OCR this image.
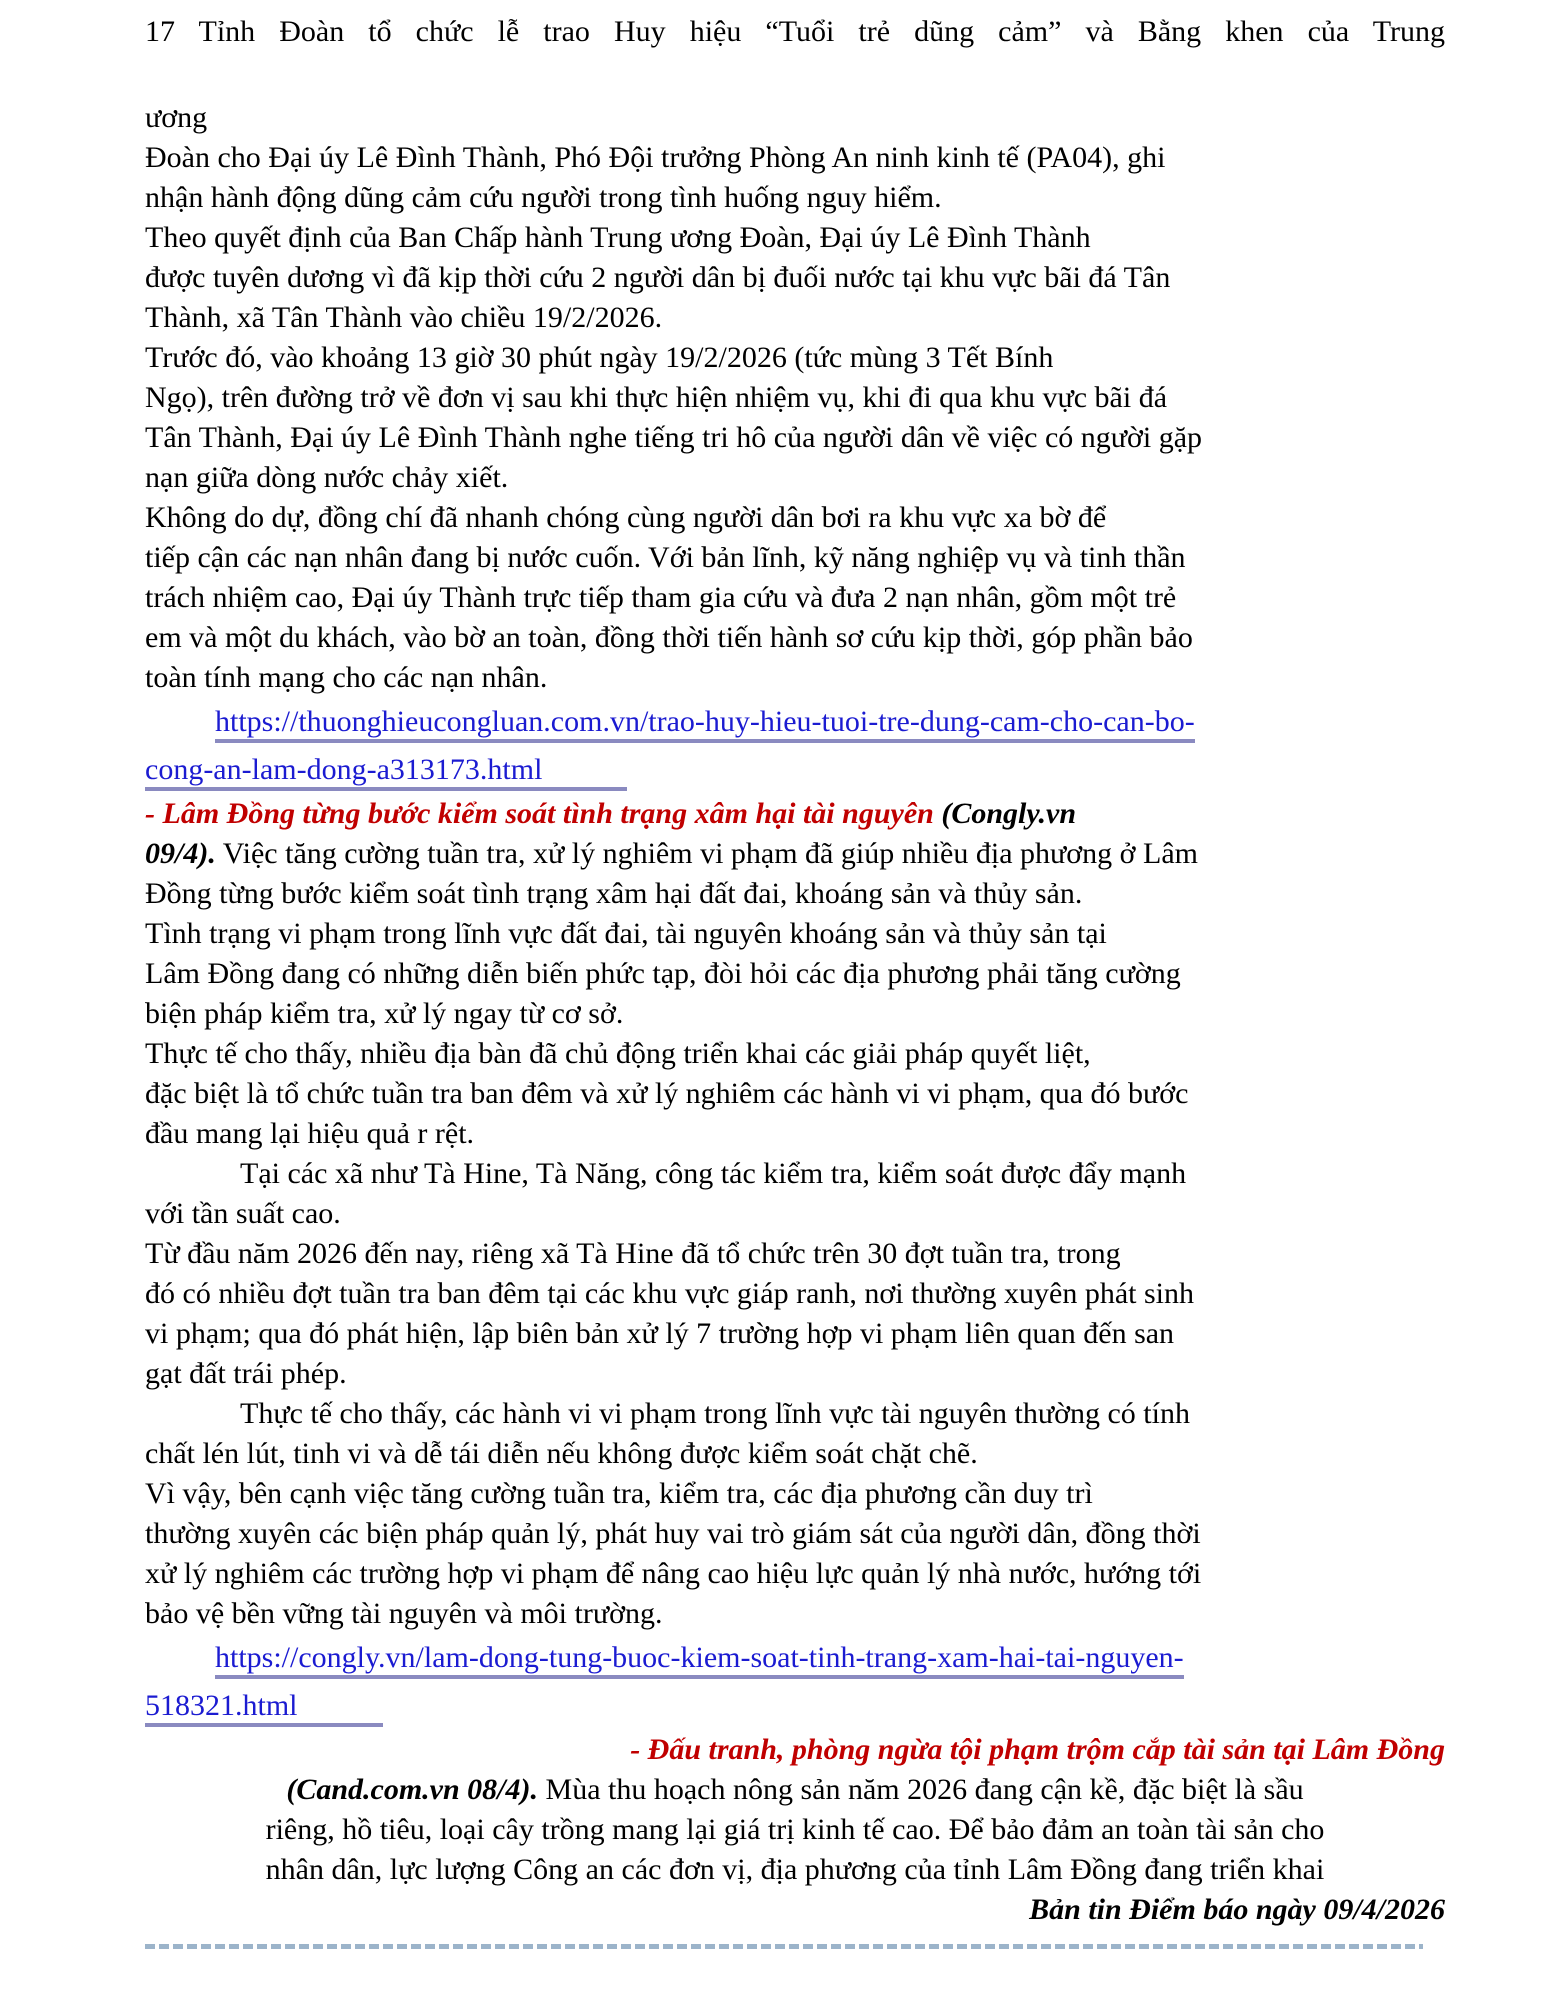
17 Tỉnh Đoàn tổ chức lễ trao Huy hiệu “Tuổi trẻ dũng cảm” và Bằng khen của Trung
ương
Đoàn cho Đại úy Lê Đình Thành, Phó Đội trưởng Phòng An ninh kinh tế (PA04), ghi
nhận hành động dũng cảm cứu người trong tình huống nguy hiểm.
Theo quyết định của Ban Chấp hành Trung ương Đoàn, Đại úy Lê Đình Thành
được tuyên dương vì đã kịp thời cứu 2 người dân bị đuối nước tại khu vực bãi đá Tân
Thành, xã Tân Thành vào chiều 19/2/2026.
Trước đó, vào khoảng 13 giờ 30 phút ngày 19/2/2026 (tức mùng 3 Tết Bính
Ngọ), trên đường trở về đơn vị sau khi thực hiện nhiệm vụ, khi đi qua khu vực bãi đá
Tân Thành, Đại úy Lê Đình Thành nghe tiếng tri hô của người dân về việc có người gặp
nạn giữa dòng nước chảy xiết.
Không do dự, đồng chí đã nhanh chóng cùng người dân bơi ra khu vực xa bờ để
tiếp cận các nạn nhân đang bị nước cuốn. Với bản lĩnh, kỹ năng nghiệp vụ và tinh thần
trách nhiệm cao, Đại úy Thành trực tiếp tham gia cứu và đưa 2 nạn nhân, gồm một trẻ
em và một du khách, vào bờ an toàn, đồng thời tiến hành sơ cứu kịp thời, góp phần bảo
toàn tính mạng cho các nạn nhân.
https://thuonghieucongluan.com.vn/trao-huy-hieu-tuoi-tre-dung-cam-cho-can-bo-
cong-an-lam-dong-a313173.html
- Lâm Đồng từng bước kiểm soát tình trạng xâm hại tài nguyên (Congly.vn
09/4). Việc tăng cường tuần tra, xử lý nghiêm vi phạm đã giúp nhiều địa phương ở Lâm
Đồng từng bước kiểm soát tình trạng xâm hại đất đai, khoáng sản và thủy sản.
Tình trạng vi phạm trong lĩnh vực đất đai, tài nguyên khoáng sản và thủy sản tại
Lâm Đồng đang có những diễn biến phức tạp, đòi hỏi các địa phương phải tăng cường
biện pháp kiểm tra, xử lý ngay từ cơ sở.
Thực tế cho thấy, nhiều địa bàn đã chủ động triển khai các giải pháp quyết liệt,
đặc biệt là tổ chức tuần tra ban đêm và xử lý nghiêm các hành vi vi phạm, qua đó bước
đầu mang lại hiệu quả r rệt.
Tại các xã như Tà Hine, Tà Năng, công tác kiểm tra, kiểm soát được đẩy mạnh
với tần suất cao.
Từ đầu năm 2026 đến nay, riêng xã Tà Hine đã tổ chức trên 30 đợt tuần tra, trong
đó có nhiều đợt tuần tra ban đêm tại các khu vực giáp ranh, nơi thường xuyên phát sinh
vi phạm; qua đó phát hiện, lập biên bản xử lý 7 trường hợp vi phạm liên quan đến san
gạt đất trái phép.
Thực tế cho thấy, các hành vi vi phạm trong lĩnh vực tài nguyên thường có tính
chất lén lút, tinh vi và dễ tái diễn nếu không được kiểm soát chặt chẽ.
Vì vậy, bên cạnh việc tăng cường tuần tra, kiểm tra, các địa phương cần duy trì
thường xuyên các biện pháp quản lý, phát huy vai trò giám sát của người dân, đồng thời
xử lý nghiêm các trường hợp vi phạm để nâng cao hiệu lực quản lý nhà nước, hướng tới
bảo vệ bền vững tài nguyên và môi trường.
https://congly.vn/lam-dong-tung-buoc-kiem-soat-tinh-trang-xam-hai-tai-nguyen-
518321.html
- Đấu tranh, phòng ngừa tội phạm trộm cắp tài sản tại Lâm Đồng
(Cand.com.vn 08/4). Mùa thu hoạch nông sản năm 2026 đang cận kề, đặc biệt là sầu
riêng, hồ tiêu, loại cây trồng mang lại giá trị kinh tế cao. Để bảo đảm an toàn tài sản cho
nhân dân, lực lượng Công an các đơn vị, địa phương của tỉnh Lâm Đồng đang triển khai
Bản tin Điểm báo ngày 09/4/2026
